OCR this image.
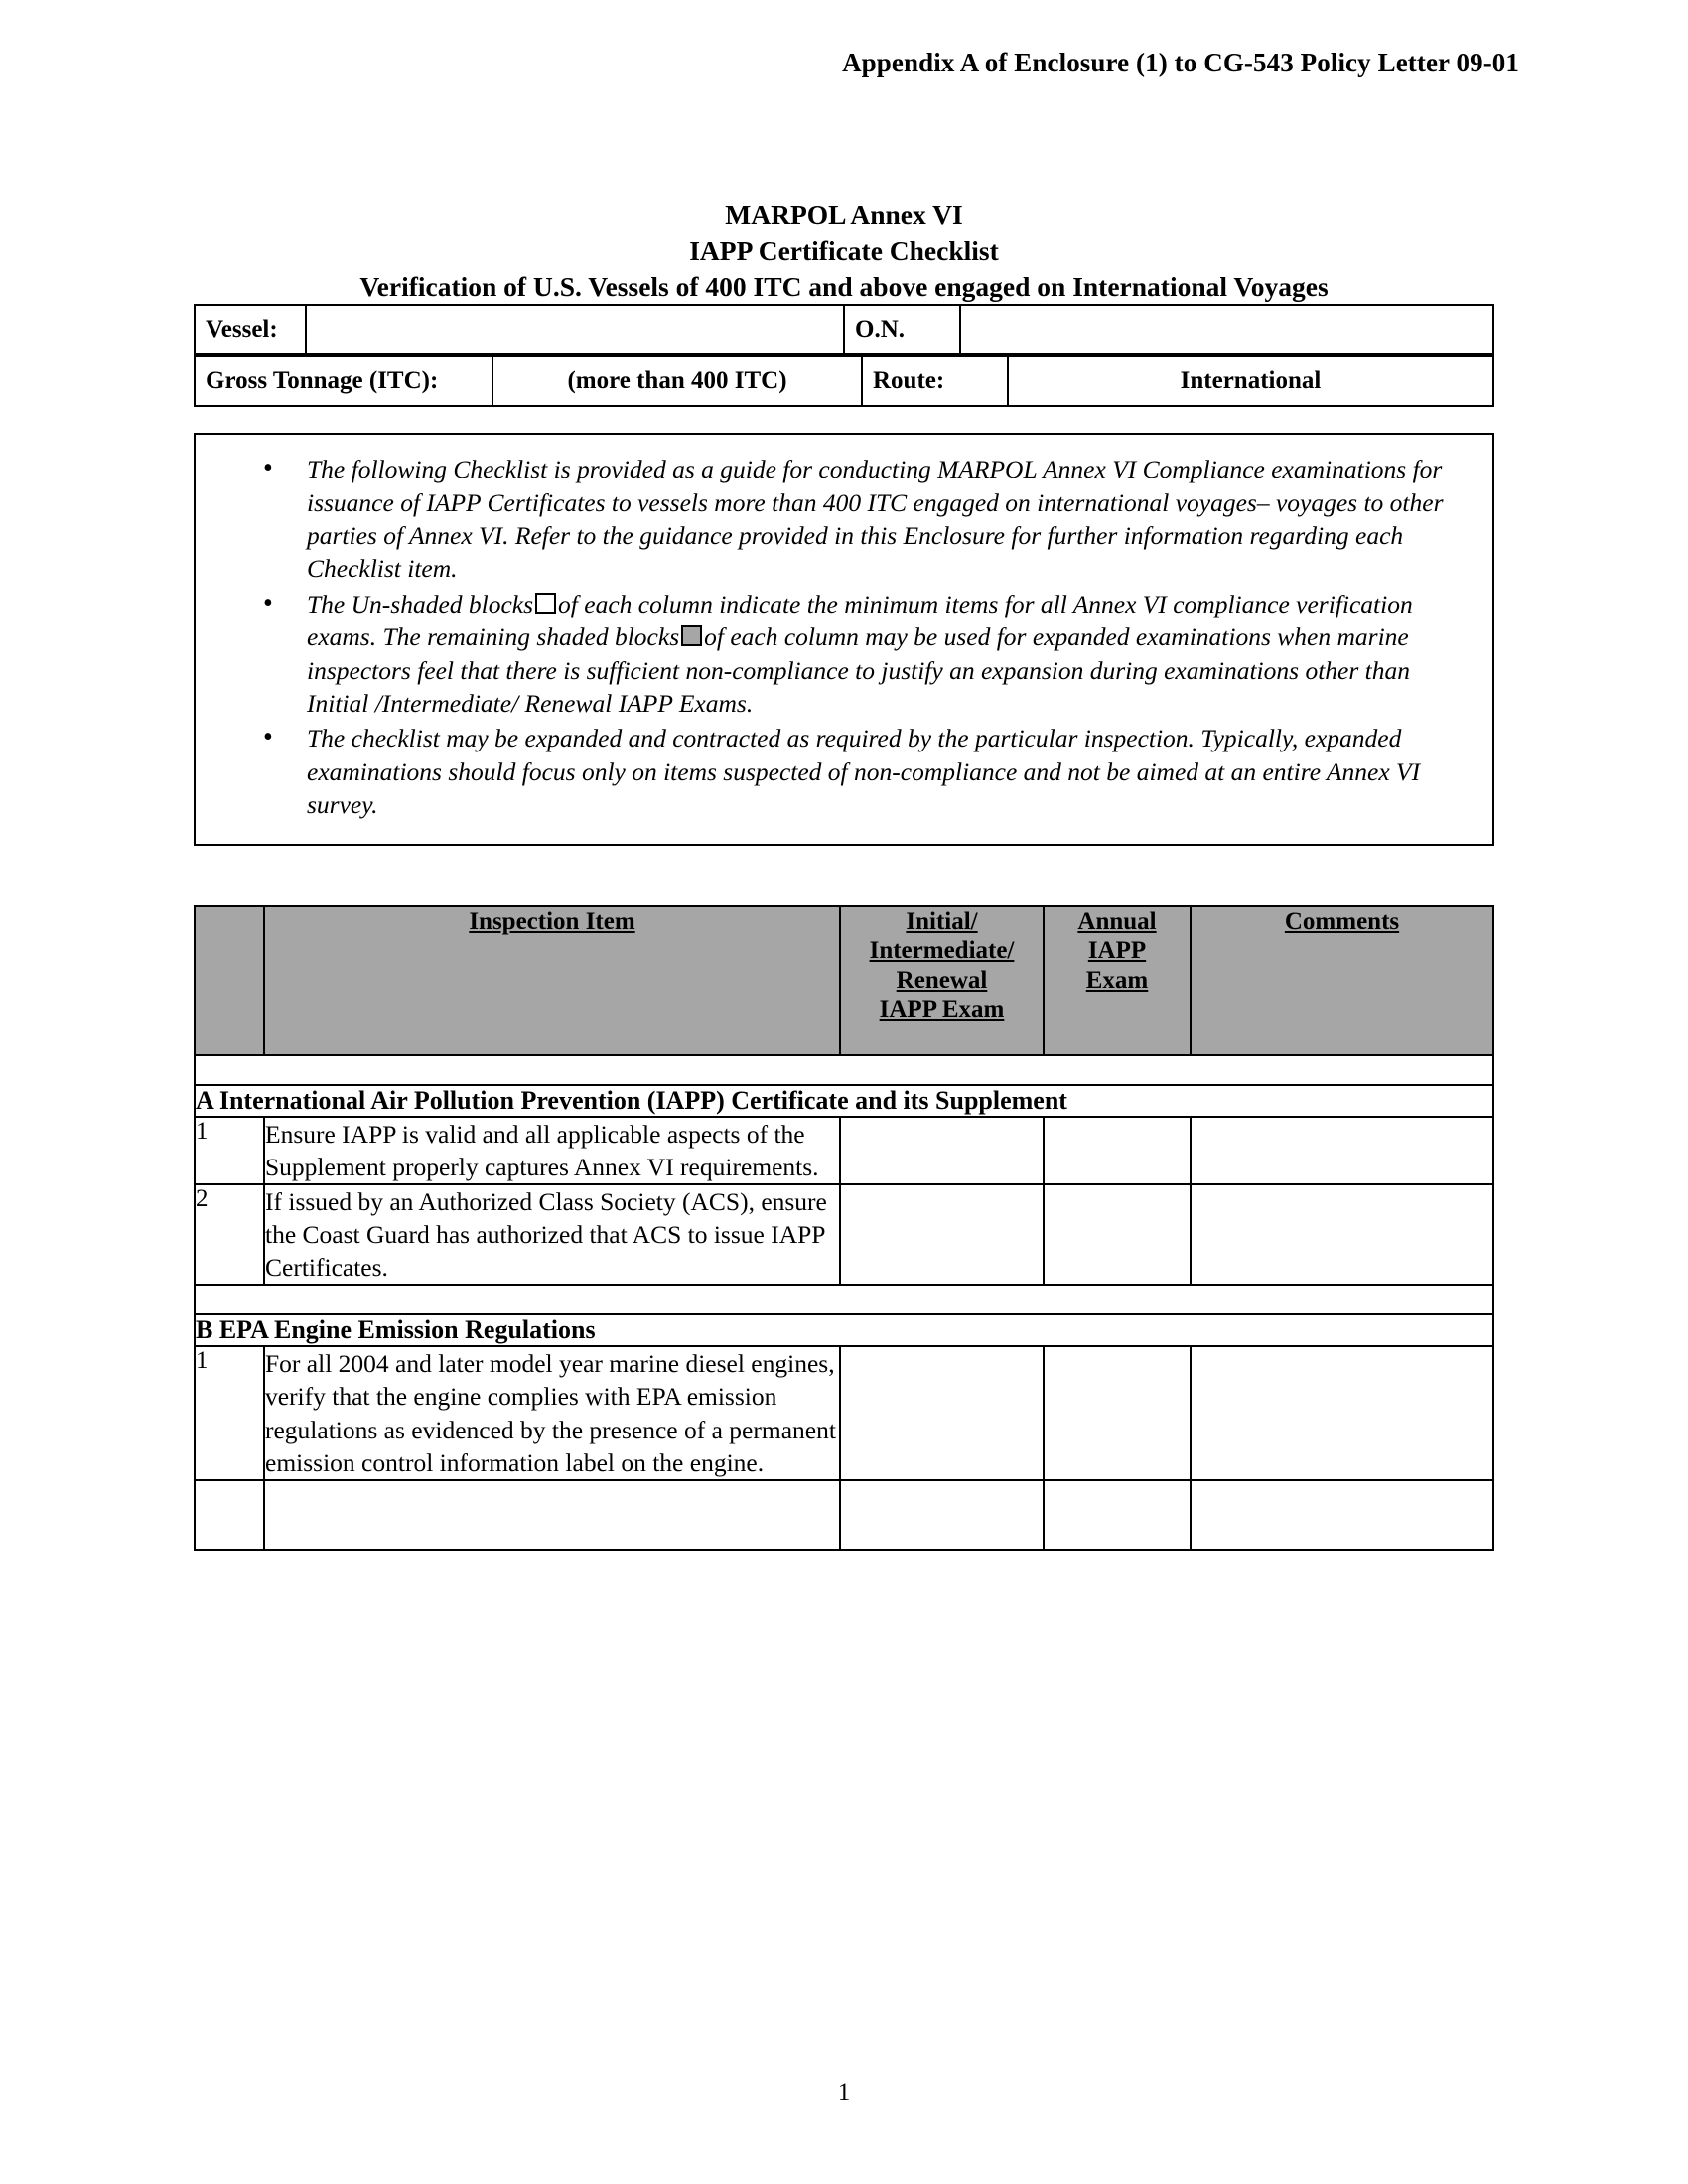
Appendix A of Enclosure (1) to CG-543 Policy Letter 09-01
MARPOL Annex VI
IAPP Certificate Checklist
Verification of U.S. Vessels of 400 ITC and above engaged on International Voyages
Vessel:		O.N.	
Gross Tonnage (ITC):	(more than 400 ITC)	Route:	International
• The following Checklist is provided as a guide for conducting MARPOL Annex VI Compliance examinations for issuance of IAPP Certificates to vessels more than 400 ITC engaged on international voyages– voyages to other parties of Annex VI. Refer to the guidance provided in this Enclosure for further information regarding each Checklist item.
• The Un-shaded blocks of each column indicate the minimum items for all Annex VI compliance verification exams. The remaining shaded blocks of each column may be used for expanded examinations when marine inspectors feel that there is sufficient non-compliance to justify an expansion during examinations other than Initial /Intermediate/ Renewal IAPP Exams.
• The checklist may be expanded and contracted as required by the particular inspection. Typically, expanded examinations should focus only on items suspected of non-compliance and not be aimed at an entire Annex VI survey.
	Inspection Item	Initial/
Intermediate/
Renewal
IAPP Exam	Annual
IAPP
Exam	Comments

A International Air Pollution Prevention (IAPP) Certificate and its Supplement				
1	Ensure IAPP is valid and all applicable aspects of the Supplement properly captures Annex VI requirements.			
2	If issued by an Authorized Class Society (ACS), ensure the Coast Guard has authorized that ACS to issue IAPP Certificates.			

B EPA Engine Emission Regulations				
1	For all 2004 and later model year marine diesel engines, verify that the engine complies with EPA emission regulations as evidenced by the presence of a permanent emission control information label on the engine.			

1
